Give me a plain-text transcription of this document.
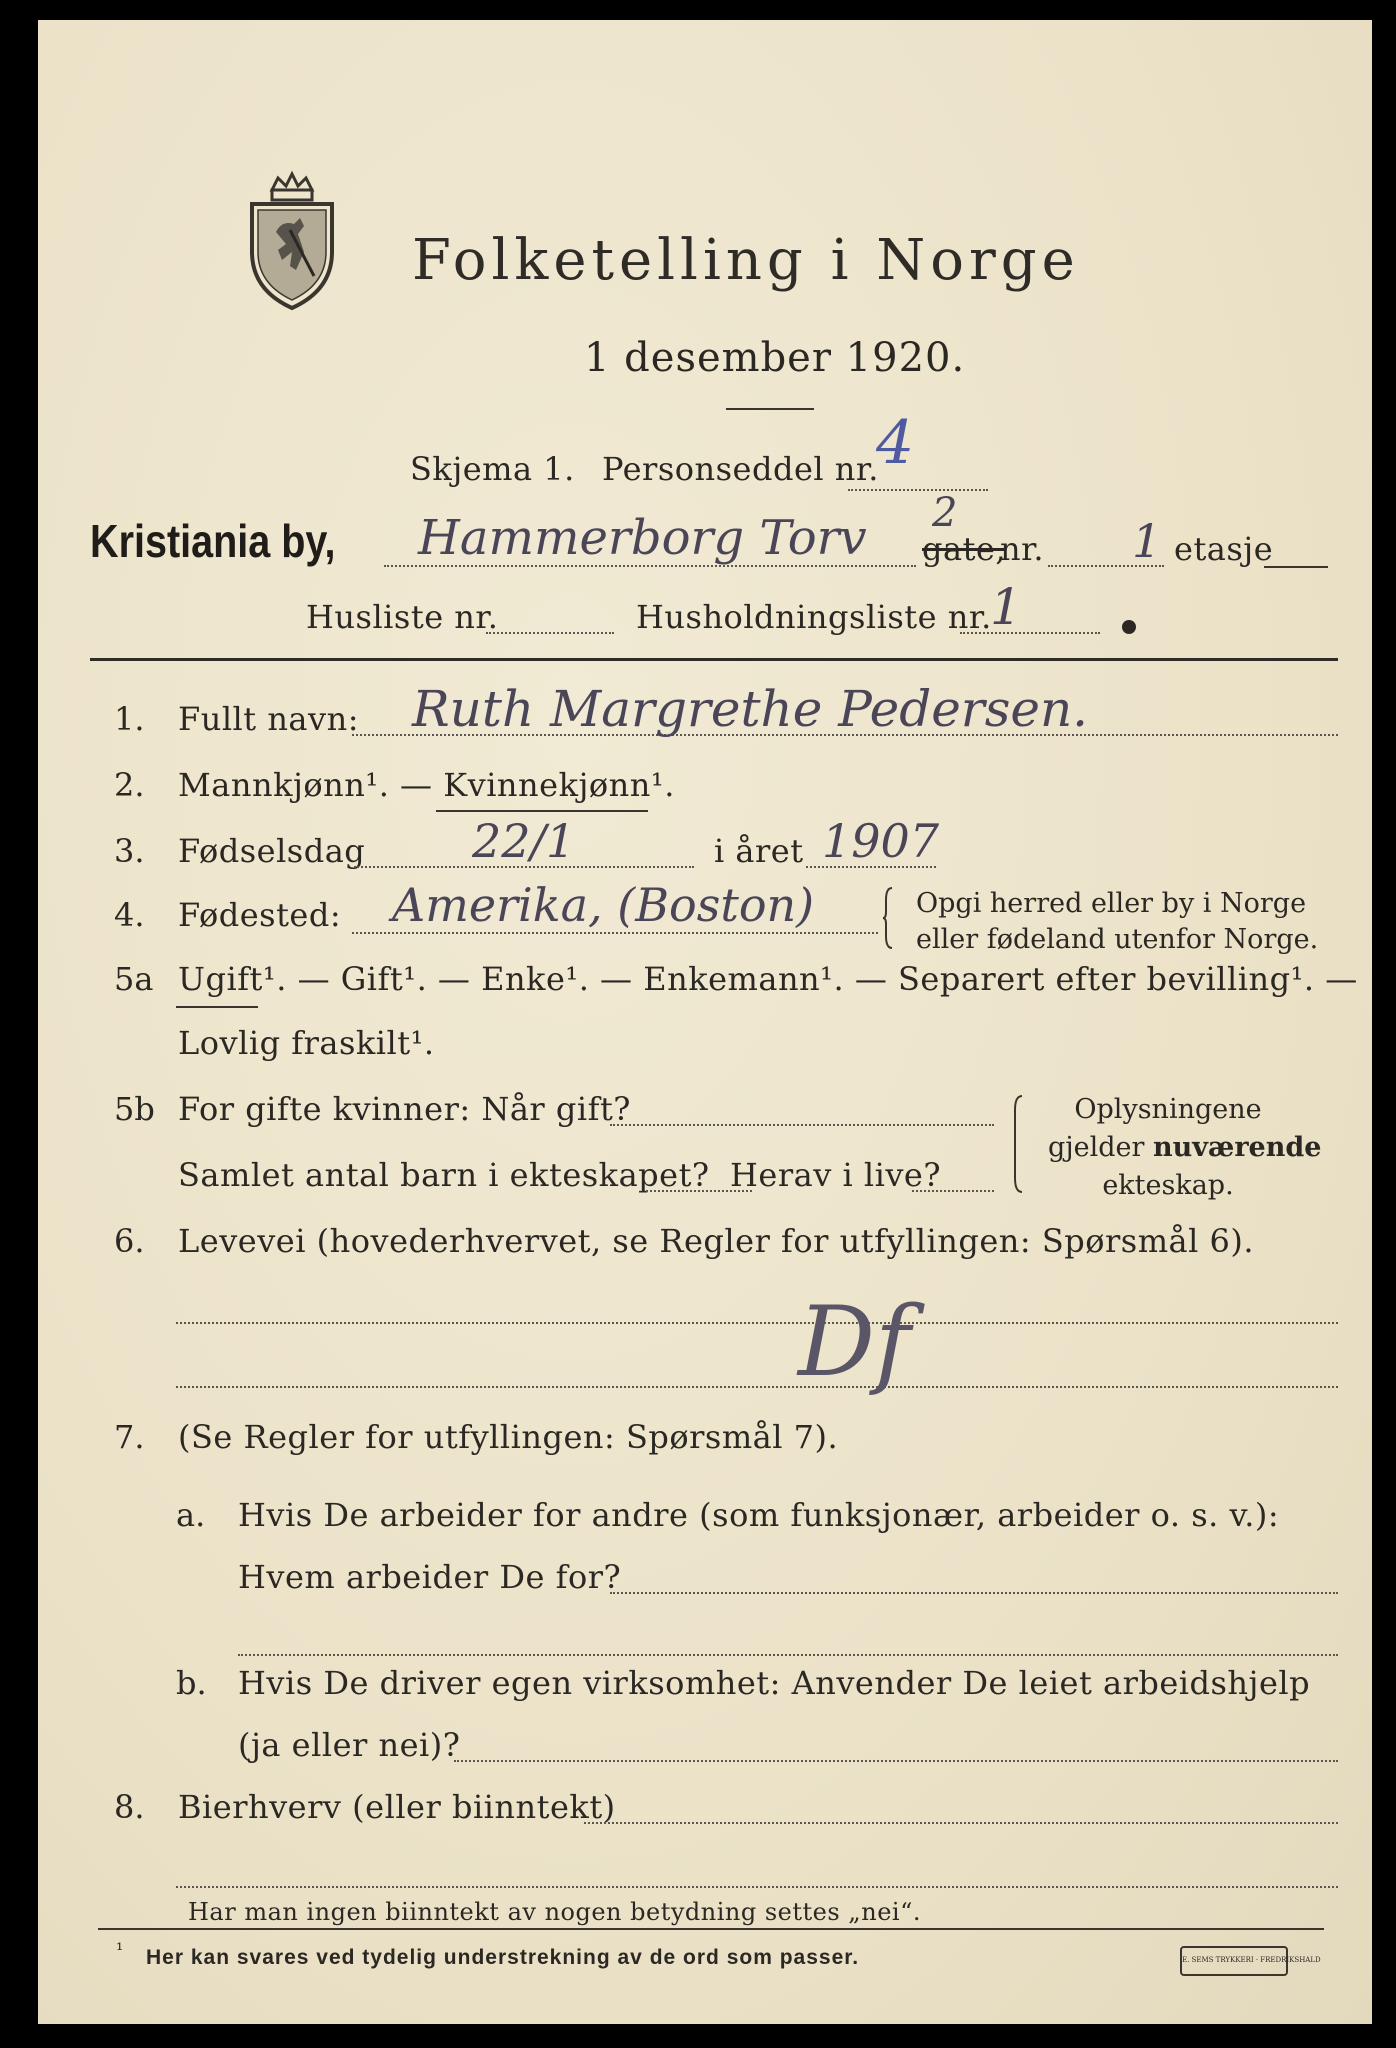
Folketelling i Norge
1 desember 1920.
Skjema 1. Personseddel nr.
4
Kristiania by, Hammerborg Torv 2
gate,
nr. 1 etasje
Husliste nr.	Husholdningsliste nr.
1
1. Fullt navn: Ruth Margrethe Pedersen.
2. Mannkjønn¹. — Kvinnekjønn¹.
3. Fødselsdag 22/1	i året 1907
4. Fødested: Amerika, (Boston)	Opgi herred eller by i Norge
eller fødeland utenfor Norge.
5a Ugift¹. — Gift¹. — Enke¹. — Enkemann¹. — Separert efter bevilling¹. —
Lovlig fraskilt¹.
5b For gifte kvinner: Når gift?
Samlet antal barn i ekteskapet? Herav i live?
Oplysningene
gjelder nuværende
ekteskap.
6. Levevei (hovederhvervet, se Regler for utfyllingen: Spørsmål 6).
Df
7. (Se Regler for utfyllingen: Spørsmål 7).
a. Hvis De arbeider for andre (som funksjonær, arbeider o. s. v.):
Hvem arbeider De for?
b. Hvis De driver egen virksomhet: Anvender De leiet arbeidshjelp
(ja eller nei)?
8. Bierhverv (eller biinntekt)
Har man ingen biinntekt av nogen betydning settes „nei“.
¹ Her kan svares ved tydelig understrekning av de ord som passer.	E. SEMS TRYKKERI · FREDRIKSHALD
